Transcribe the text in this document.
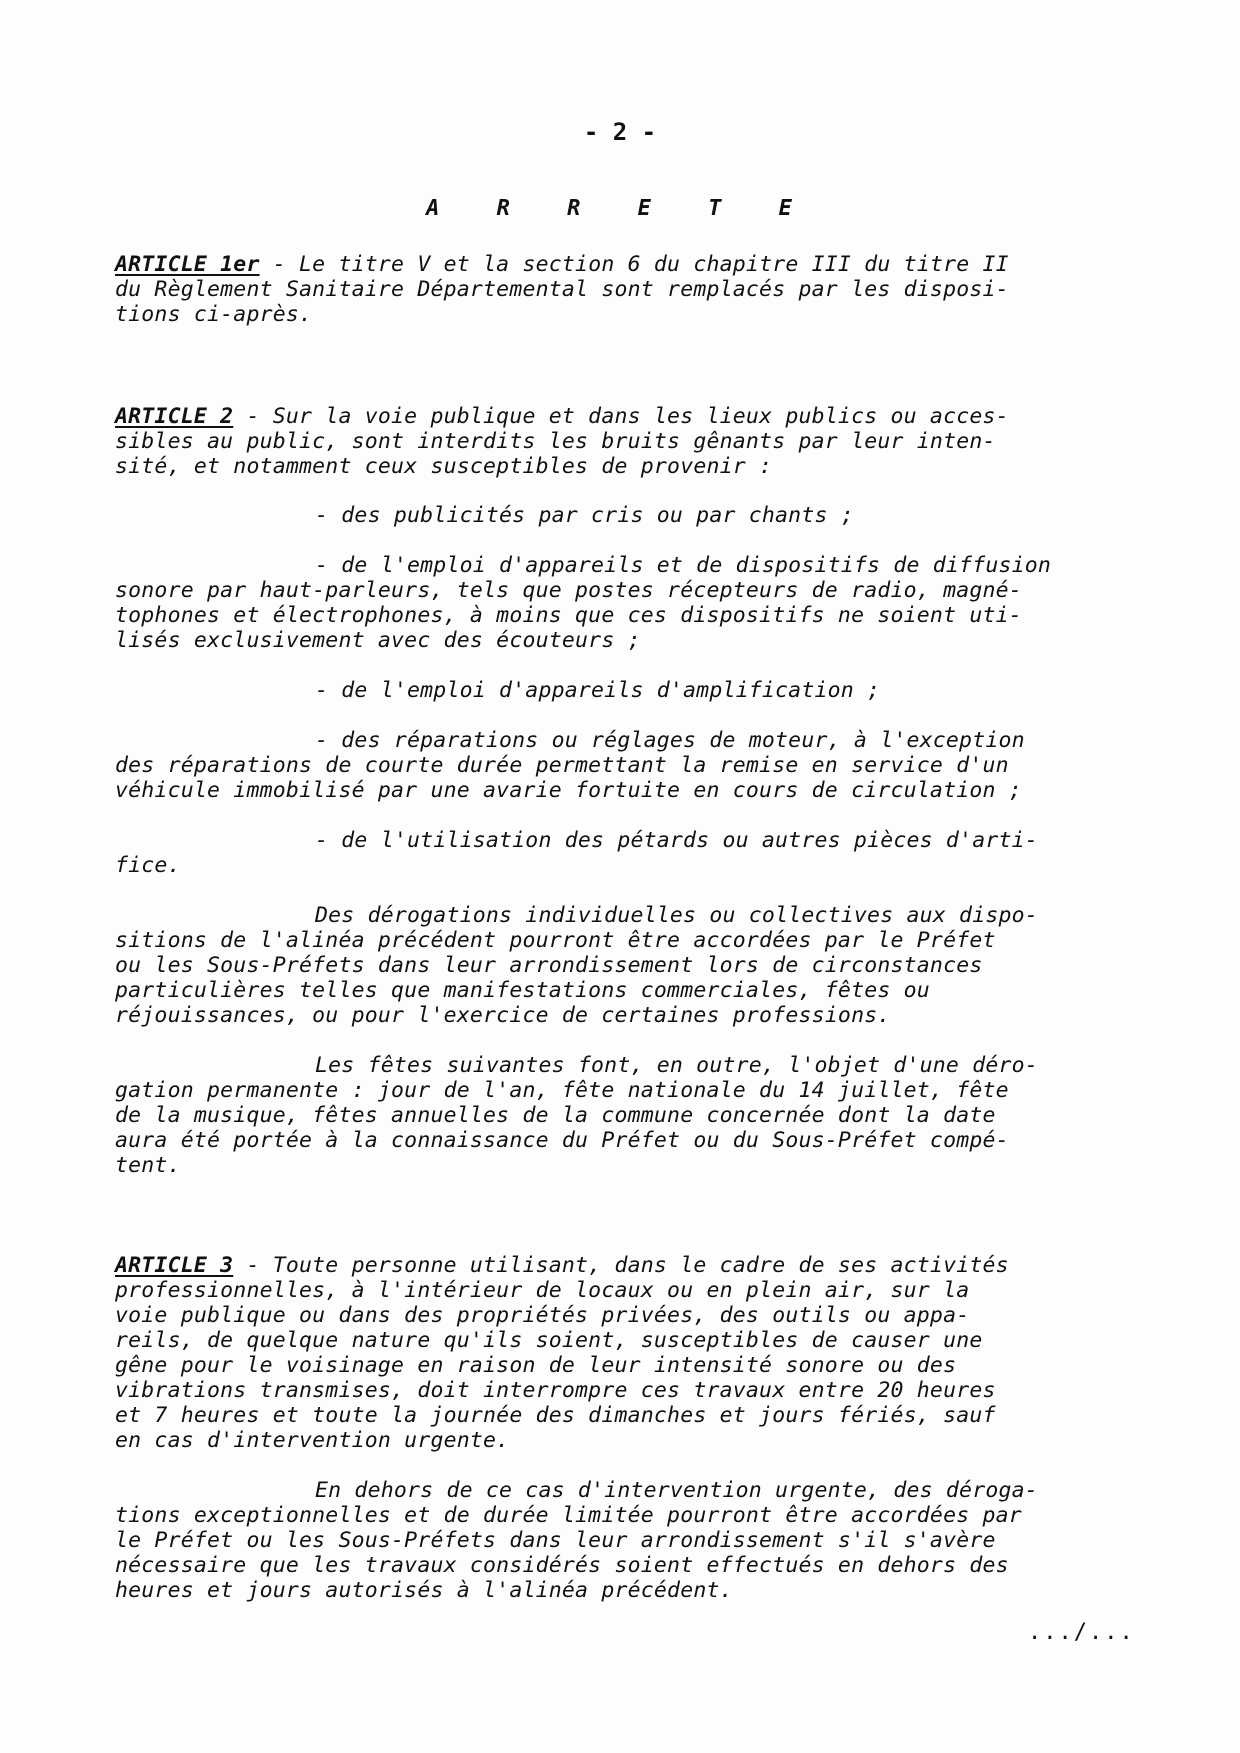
- 2 -
A R R E T E
ARTICLE 1er - Le titre V et la section 6 du chapitre III du titre II
du Règlement Sanitaire Départemental sont remplacés par les disposi-
tions ci-après.
ARTICLE 2 - Sur la voie publique et dans les lieux publics ou acces-
sibles au public, sont interdits les bruits gênants par leur inten-
sité, et notamment ceux susceptibles de provenir :
- des publicités par cris ou par chants ;
- de l'emploi d'appareils et de dispositifs de diffusion
sonore par haut-parleurs, tels que postes récepteurs de radio, magné-
tophones et électrophones, à moins que ces dispositifs ne soient uti-
lisés exclusivement avec des écouteurs ;
- de l'emploi d'appareils d'amplification ;
- des réparations ou réglages de moteur, à l'exception
des réparations de courte durée permettant la remise en service d'un
véhicule immobilisé par une avarie fortuite en cours de circulation ;
- de l'utilisation des pétards ou autres pièces d'arti-
fice.
Des dérogations individuelles ou collectives aux dispo-
sitions de l'alinéa précédent pourront être accordées par le Préfet
ou les Sous-Préfets dans leur arrondissement lors de circonstances
particulières telles que manifestations commerciales, fêtes ou
réjouissances, ou pour l'exercice de certaines professions.
Les fêtes suivantes font, en outre, l'objet d'une déro-
gation permanente : jour de l'an, fête nationale du 14 juillet, fête
de la musique, fêtes annuelles de la commune concernée dont la date
aura été portée à la connaissance du Préfet ou du Sous-Préfet compé-
tent.
ARTICLE 3 - Toute personne utilisant, dans le cadre de ses activités
professionnelles, à l'intérieur de locaux ou en plein air, sur la
voie publique ou dans des propriétés privées, des outils ou appa-
reils, de quelque nature qu'ils soient, susceptibles de causer une
gêne pour le voisinage en raison de leur intensité sonore ou des
vibrations transmises, doit interrompre ces travaux entre 20 heures
et 7 heures et toute la journée des dimanches et jours fériés, sauf
en cas d'intervention urgente.
En dehors de ce cas d'intervention urgente, des déroga-
tions exceptionnelles et de durée limitée pourront être accordées par
le Préfet ou les Sous-Préfets dans leur arrondissement s'il s'avère
nécessaire que les travaux considérés soient effectués en dehors des
heures et jours autorisés à l'alinéa précédent.
.../...
